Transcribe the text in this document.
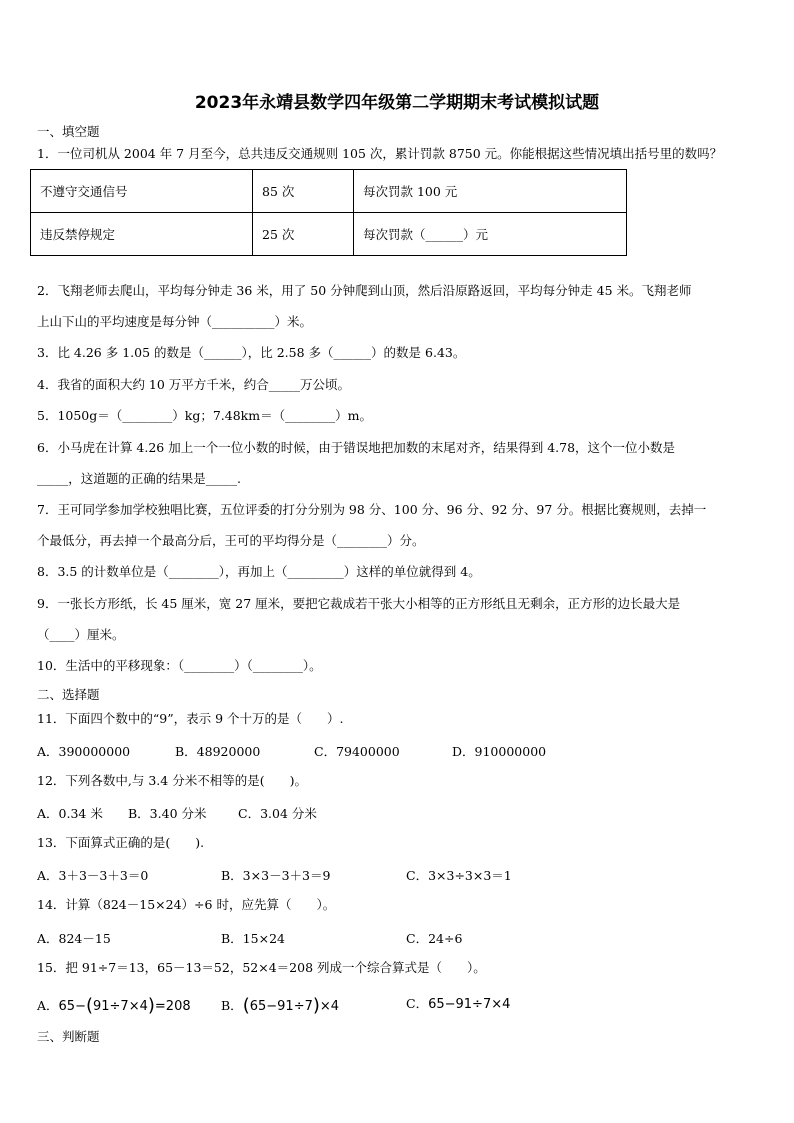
2023年永靖县数学四年级第二学期期末考试模拟试题
一、填空题
1．一位司机从 2004 年 7 月至今，总共违反交通规则 105 次，累计罚款 8750 元。你能根据这些情况填出括号里的数吗？
不遵守交通信号	85 次	每次罚款 100 元
违反禁停规定	25 次	每次罚款（______）元
2．飞翔老师去爬山，平均每分钟走 36 米，用了 50 分钟爬到山顶，然后沿原路返回，平均每分钟走 45 米。飞翔老师
上山下山的平均速度是每分钟（__________）米。
3．比 4.26 多 1.05 的数是（______），比 2.58 多（______）的数是 6.43。
4．我省的面积大约 10 万平方千米，约合_____万公顷。
5．1050g＝（________）kg；7.48km＝（________）m。
6．小马虎在计算 4.26 加上一个一位小数的时候，由于错误地把加数的末尾对齐，结果得到 4.78，这个一位小数是
_____，这道题的正确的结果是_____.
7．王可同学参加学校独唱比赛，五位评委的打分分别为 98 分、100 分、96 分、92 分、97 分。根据比赛规则，去掉一
个最低分，再去掉一个最高分后，王可的平均得分是（________）分。
8．3.5 的计数单位是（________），再加上（_________）这样的单位就得到 4。
9．一张长方形纸，长 45 厘米，宽 27 厘米，要把它裁成若干张大小相等的正方形纸且无剩余，正方形的边长最大是
（____）厘米。
10．生活中的平移现象：（________）（________）。
二、选择题
11．下面四个数中的“9”，表示 9 个十万的是（　　）.
A．390000000	B．48920000	C．79400000	D．910000000
12．下列各数中,与 3.4 分米不相等的是(　　)。
A．0.34 米 B．3.40 分米	C．3.04 分米
13．下面算式正确的是(　　).
A．3＋3－3＋3＝0	B．3×3－3＋3＝9	C．3×3÷3×3＝1
14．计算（824－15×24）÷6 时，应先算（　　）。
A．824－15	B．15×24	C．24÷6
15．把 91÷7＝13，65－13＝52，52×4＝208 列成一个综合算式是（　　）。
A．65−(91÷7×4)=208 B．(65−91÷7)×4	C．65−91÷7×4
三、判断题
